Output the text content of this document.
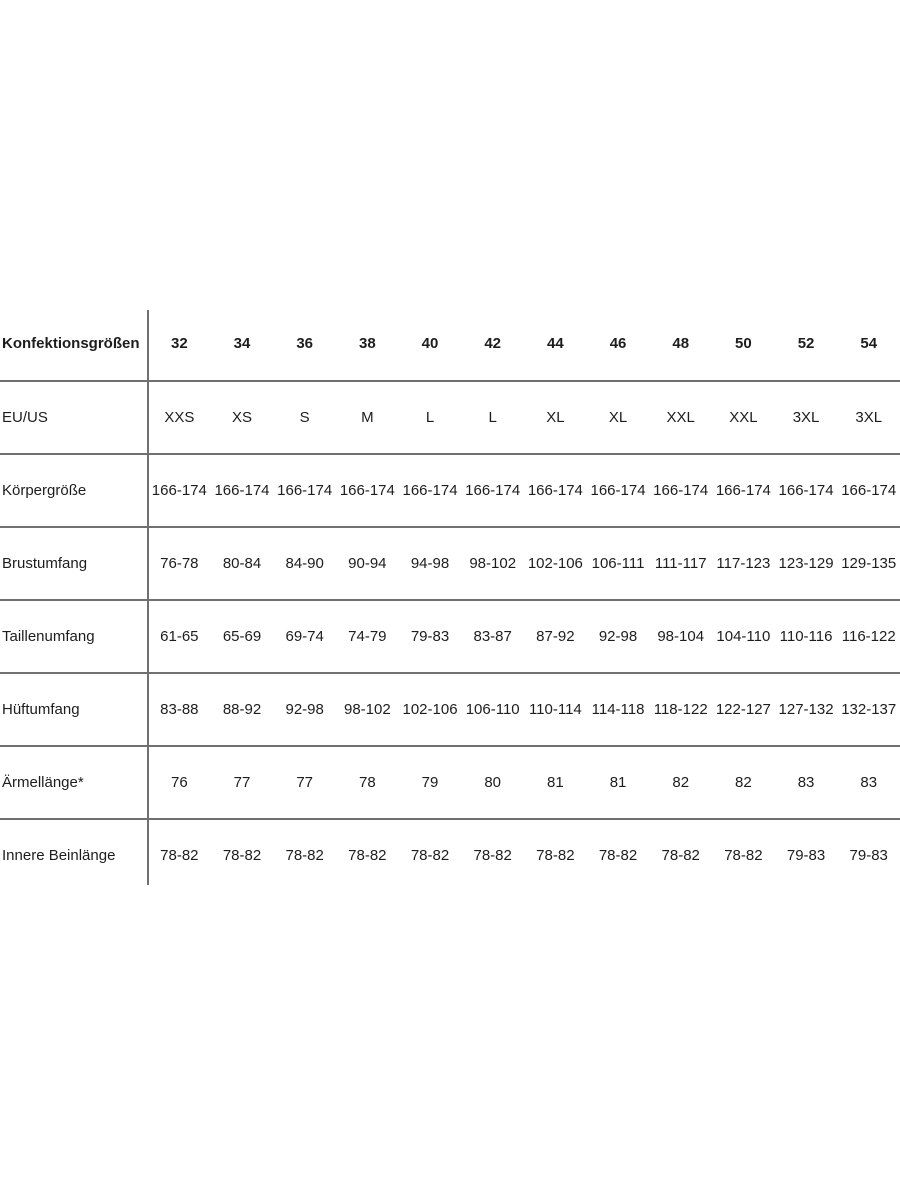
Konfektionsgrößen	32	34	36	38	40	42	44	46	48	50	52	54
EU/US	XXS	XS	S	M	L	L	XL	XL	XXL	XXL	3XL	3XL
Körpergröße	166-174 166-174 166-174 166-174 166-174 166-174 166-174 166-174 166-174 166-174 166-174 166-174
Brustumfang	76-78	80-84	84-90	90-94	94-98	98-102 102-106 106-111 111-117 117-123 123-129 129-135
Taillenumfang	61-65	65-69	69-74	74-79	79-83	83-87	87-92	92-98	98-104 104-110 110-116 116-122
Hüftumfang	83-88	88-92	92-98	98-102 102-106 106-110 110-114 114-118 118-122 122-127 127-132 132-137
Ärmellänge*	76	77	77	78	79	80	81	81	82	82	83	83
Innere Beinlänge	78-82	78-82	78-82	78-82	78-82	78-82	78-82	78-82	78-82	78-82	79-83	79-83
